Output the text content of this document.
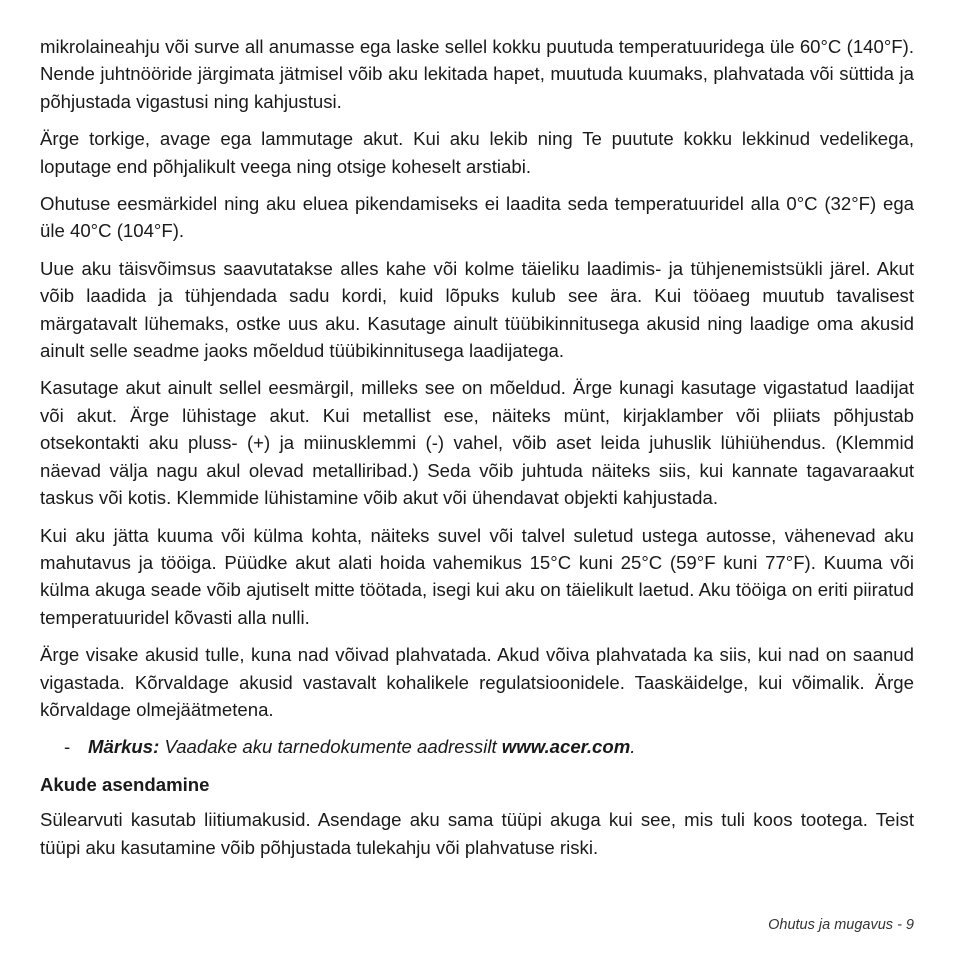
mikrolaineahju või surve all anumasse ega laske sellel kokku puutuda temperatuuridega üle 60°C (140°F). Nende juhtnööride järgimata jätmisel võib aku lekitada hapet, muutuda kuumaks, plahvatada või süttida ja põhjustada vigastusi ning kahjustusi.

Ärge torkige, avage ega lammutage akut. Kui aku lekib ning Te puutute kokku lekkinud vedelikega, loputage end põhjalikult veega ning otsige koheselt arstiabi.

Ohutuse eesmärkidel ning aku eluea pikendamiseks ei laadita seda temperatuuridel alla 0°C (32°F) ega üle 40°C (104°F).

Uue aku täisvõimsus saavutatakse alles kahe või kolme täieliku laadimis- ja tühjenemistsükli järel. Akut võib laadida ja tühjendada sadu kordi, kuid lõpuks kulub see ära. Kui tööaeg muutub tavalisest märgatavalt lühemaks, ostke uus aku. Kasutage ainult tüübikinnitusega akusid ning laadige oma akusid ainult selle seadme jaoks mõeldud tüübikinnitusega laadijatega.

Kasutage akut ainult sellel eesmärgil, milleks see on mõeldud. Ärge kunagi kasutage vigastatud laadijat või akut. Ärge lühistage akut. Kui metallist ese, näiteks münt, kirjaklamber või pliiats põhjustab otsekontakti aku pluss- (+) ja miinusklemmi (-) vahel, võib aset leida juhuslik lühiühendus. (Klemmid näevad välja nagu akul olevad metalliribad.) Seda võib juhtuda näiteks siis, kui kannate tagavaraakut taskus või kotis. Klemmide lühistamine võib akut või ühendavat objekti kahjustada.

Kui aku jätta kuuma või külma kohta, näiteks suvel või talvel suletud ustega autosse, vähenevad aku mahutavus ja tööiga. Püüdke akut alati hoida vahemikus 15°C kuni 25°C (59°F kuni 77°F). Kuuma või külma akuga seade võib ajutiselt mitte töötada, isegi kui aku on täielikult laetud. Aku tööiga on eriti piiratud temperatuuridel kõvasti alla nulli.

Ärge visake akusid tulle, kuna nad võivad plahvatada. Akud võiva plahvatada ka siis, kui nad on saanud vigastada. Kõrvaldage akusid vastavalt kohalikele regulatsioonidele. Taaskäidelge, kui võimalik. Ärge kõrvaldage olmejäätmetena.

- Märkus: Vaadake aku tarnedokumente aadressilt www.acer.com.
Akude asendamine

Sülearvuti kasutab liitiumakusid. Asendage aku sama tüüpi akuga kui see, mis tuli koos tootega. Teist tüüpi aku kasutamine võib põhjustada tulekahju või plahvatuse riski.

Ohutus ja mugavus - 9
